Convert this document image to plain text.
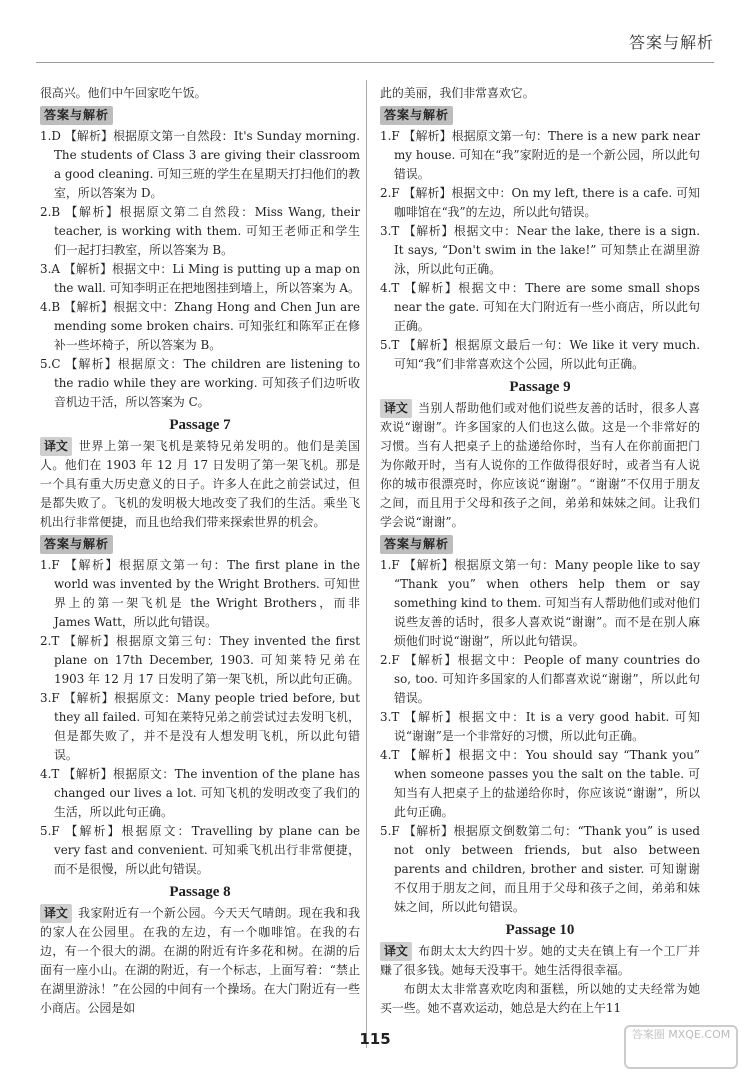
答案与解析

很高兴。他们中午回家吃午饭。

答案与解析

1.D 【解析】根据原文第一自然段：It's Sunday morning. The students of Class 3 are giving their classroom a good cleaning. 可知三班的学生在星期天打扫他们的教室，所以答案为 D。

2.B 【解析】根据原文第二自然段：Miss Wang, their teacher, is working with them. 可知王老师正和学生们一起打扫教室，所以答案为 B。

3.A 【解析】根据文中：Li Ming is putting up a map on the wall. 可知李明正在把地图挂到墙上，所以答案为 A。

4.B 【解析】根据文中：Zhang Hong and Chen Jun are mending some broken chairs. 可知张红和陈军正在修补一些坏椅子，所以答案为 B。

5.C 【解析】根据原文：The children are listening to the radio while they are working. 可知孩子们边听收音机边干活，所以答案为 C。

Passage 7

译文 世界上第一架飞机是莱特兄弟发明的。他们是美国人。他们在 1903 年 12 月 17 日发明了第一架飞机。那是一个具有重大历史意义的日子。许多人在此之前尝试过，但是都失败了。飞机的发明极大地改变了我们的生活。乘坐飞机出行非常便捷，而且也给我们带来探索世界的机会。

答案与解析

1.F 【解析】根据原文第一句：The first plane in the world was invented by the Wright Brothers. 可知世界上的第一架飞机是 the Wright Brothers，而非 James Watt，所以此句错误。

2.T 【解析】根据原文第三句：They invented the first plane on 17th December, 1903. 可知莱特兄弟在 1903 年 12 月 17 日发明了第一架飞机，所以此句正确。

3.F 【解析】根据原文：Many people tried before, but they all failed. 可知在莱特兄弟之前尝试过去发明飞机，但是都失败了，并不是没有人想发明飞机，所以此句错误。

4.T 【解析】根据原文：The invention of the plane has changed our lives a lot. 可知飞机的发明改变了我们的生活，所以此句正确。

5.F 【解析】根据原文：Travelling by plane can be very fast and convenient. 可知乘飞机出行非常便捷，而不是很慢，所以此句错误。

Passage 8

译文 我家附近有一个新公园。今天天气晴朗。现在我和我的家人在公园里。在我的左边，有一个咖啡馆。在我的右边，有一个很大的湖。在湖的附近有许多花和树。在湖的后面有一座小山。在湖的附近，有一个标志，上面写着：“禁止在湖里游泳！”在公园的中间有一个操场。在大门附近有一些小商店。公园是如

此的美丽，我们非常喜欢它。

答案与解析

1.F 【解析】根据原文第一句：There is a new park near my house. 可知在“我”家附近的是一个新公园，所以此句错误。

2.F 【解析】根据文中：On my left, there is a cafe. 可知咖啡馆在“我”的左边，所以此句错误。

3.T 【解析】根据文中：Near the lake, there is a sign. It says, “Don't swim in the lake!” 可知禁止在湖里游泳，所以此句正确。

4.T 【解析】根据文中：There are some small shops near the gate. 可知在大门附近有一些小商店，所以此句正确。

5.T 【解析】根据原文最后一句：We like it very much. 可知“我”们非常喜欢这个公园，所以此句正确。

Passage 9

译文 当别人帮助他们或对他们说些友善的话时，很多人喜欢说“谢谢”。许多国家的人们也这么做。这是一个非常好的习惯。当有人把桌子上的盐递给你时，当有人在你前面把门为你敞开时，当有人说你的工作做得很好时，或者当有人说你的城市很漂亮时，你应该说“谢谢”。“谢谢”不仅用于朋友之间，而且用于父母和孩子之间，弟弟和妹妹之间。让我们学会说“谢谢”。

答案与解析

1.F 【解析】根据原文第一句：Many people like to say “Thank you” when others help them or say something kind to them. 可知当有人帮助他们或对他们说些友善的话时，很多人喜欢说“谢谢”。而不是在别人麻烦他们时说“谢谢”，所以此句错误。

2.F 【解析】根据文中：People of many countries do so, too. 可知许多国家的人们都喜欢说“谢谢”，所以此句错误。

3.T 【解析】根据文中：It is a very good habit. 可知说“谢谢”是一个非常好的习惯，所以此句正确。

4.T 【解析】根据文中：You should say “Thank you” when someone passes you the salt on the table. 可知当有人把桌子上的盐递给你时，你应该说“谢谢”，所以此句正确。

5.F 【解析】根据原文倒数第二句：“Thank you” is used not only between friends, but also between parents and children, brother and sister. 可知谢谢不仅用于朋友之间，而且用于父母和孩子之间，弟弟和妹妹之间，所以此句错误。

Passage 10

译文 布朗太太大约四十岁。她的丈夫在镇上有一个工厂并赚了很多钱。她每天没事干。她生活得很幸福。

布朗太太非常喜欢吃肉和蛋糕，所以她的丈夫经常为她买一些。她不喜欢运动，她总是大约在上午11

115	答案圈 MXQE.COM
